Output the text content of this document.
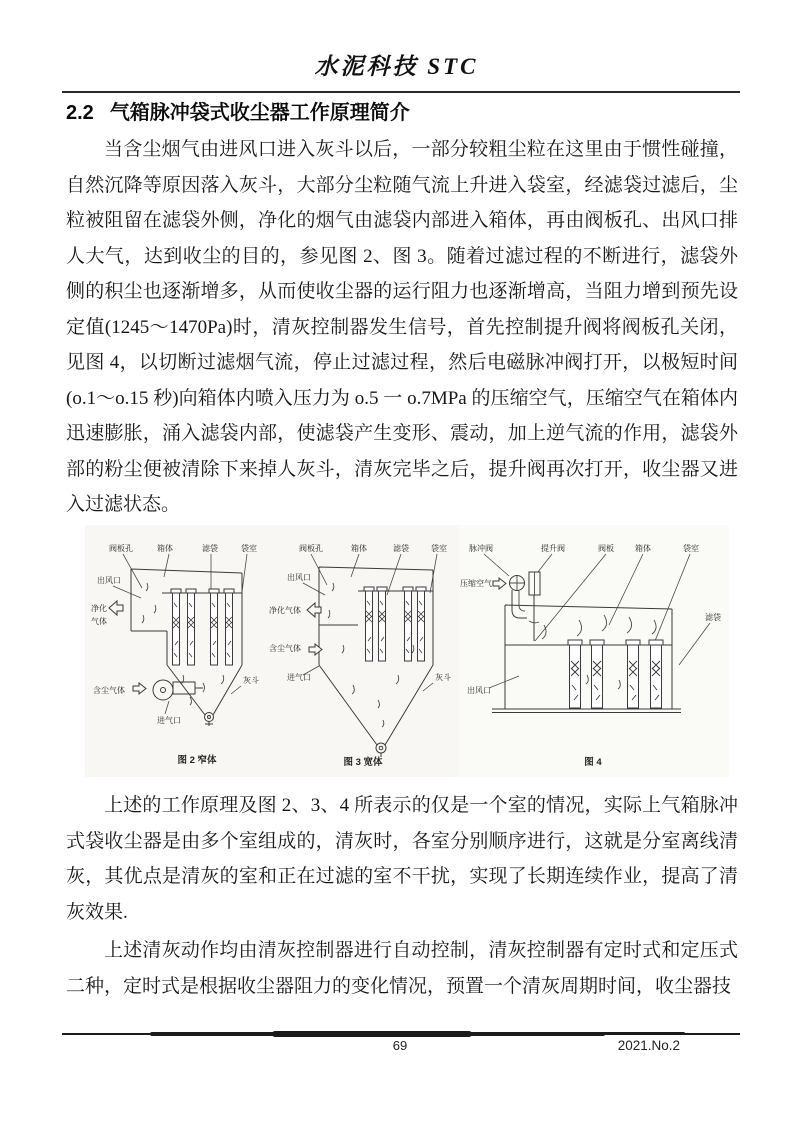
水泥科技 STC
2.2 气箱脉冲袋式收尘器工作原理简介

当含尘烟气由进风口进入灰斗以后，一部分较粗尘粒在这里由于惯性碰撞，自然沉降等原因落入灰斗，大部分尘粒随气流上升进入袋室，经滤袋过滤后，尘粒被阻留在滤袋外侧，净化的烟气由滤袋内部进入箱体，再由阀板孔、出风口排人大气，达到收尘的目的，参见图 2、图 3。随着过滤过程的不断进行，滤袋外侧的积尘也逐渐增多，从而使收尘器的运行阻力也逐渐增高，当阻力增到预先设定值(1245～1470Pa)时，清灰控制器发生信号，首先控制提升阀将阀板孔关闭，见图 4，以切断过滤烟气流，停止过滤过程，然后电磁脉冲阀打开，以极短时间(o.1～o.15 秒)向箱体内喷入压力为 o.5 一 o.7MPa 的压缩空气，压缩空气在箱体内迅速膨胀，涌入滤袋内部，使滤袋产生变形、震动，加上逆气流的作用，滤袋外部的粉尘便被清除下来掉人灰斗，清灰完毕之后，提升阀再次打开，收尘器又进入过滤状态。

阀板孔	箱体	滤袋	袋室
出风口
净化
气体
含尘气体
进气口
灰斗
图 2 窄体
阀板孔	箱体	滤袋	袋室
出风口
净化气体
含尘气体
进气口	灰斗
图 3 宽体
脉冲阀	提升阀	阀板	箱体	袋室
压缩空气
滤袋
出风口
图 4

上述的工作原理及图 2、3、4 所表示的仅是一个室的情况，实际上气箱脉冲式袋收尘器是由多个室组成的，清灰时，各室分别顺序进行，这就是分室离线清灰，其优点是清灰的室和正在过滤的室不干扰，实现了长期连续作业，提高了清灰效果.

上述清灰动作均由清灰控制器进行自动控制，清灰控制器有定时式和定压式二种，定时式是根据收尘器阻力的变化情况，预置一个清灰周期时间，收尘器技

69	2021.No.2
